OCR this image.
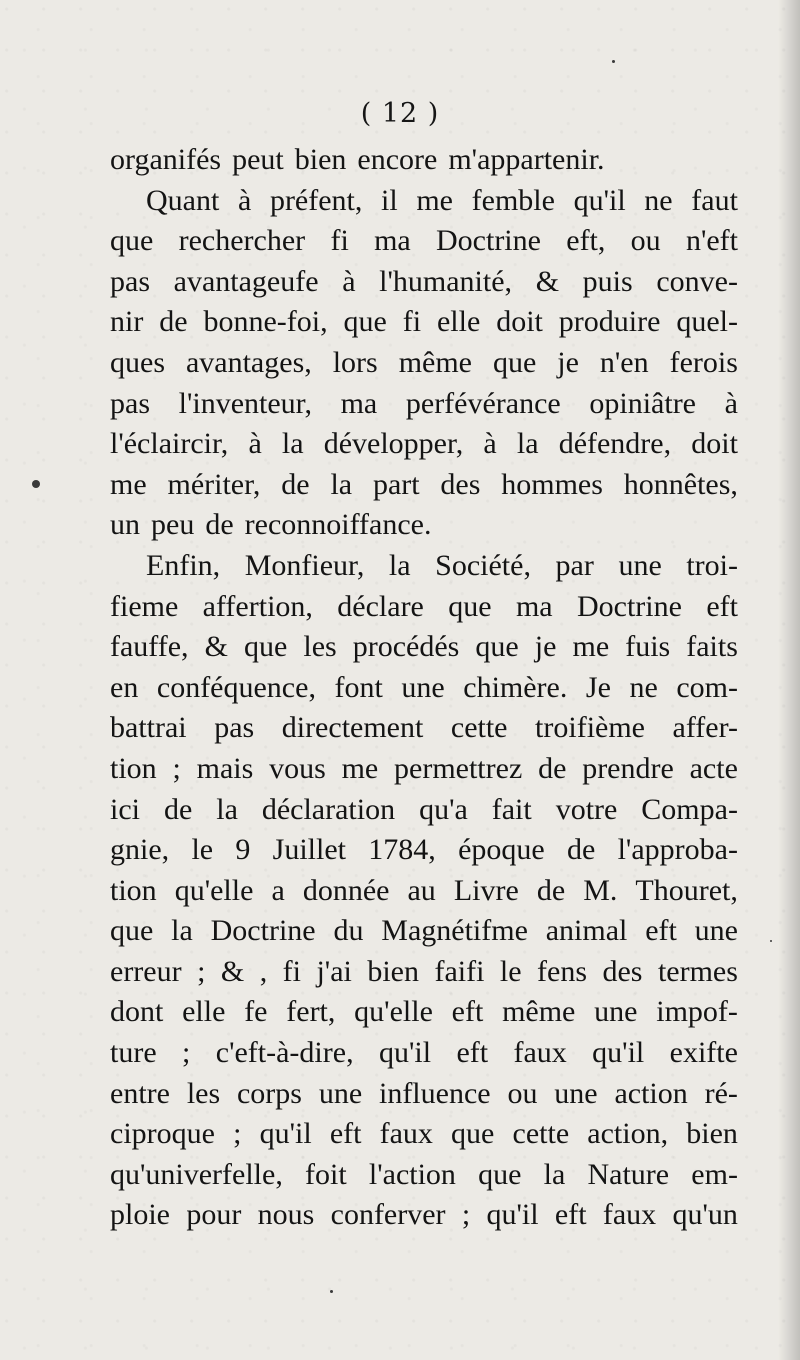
( 12 )
organifés peut bien encore m'appartenir.
Quant à préfent, il me femble qu'il ne faut
que rechercher fi ma Doctrine eft, ou n'eft
pas avantageufe à l'humanité, & puis conve-
nir de bonne-foi, que fi elle doit produire quel-
ques avantages, lors même que je n'en ferois
pas l'inventeur, ma perfévérance opiniâtre à
l'éclaircir, à la développer, à la défendre, doit
me mériter, de la part des hommes honnêtes,
un peu de reconnoiffance.
Enfin, Monfieur, la Société, par une troi-
fieme affertion, déclare que ma Doctrine eft
fauffe, & que les procédés que je me fuis faits
en conféquence, font une chimère. Je ne com-
battrai pas directement cette troifième affer-
tion ; mais vous me permettrez de prendre acte
ici de la déclaration qu'a fait votre Compa-
gnie, le 9 Juillet 1784, époque de l'approba-
tion qu'elle a donnée au Livre de M. Thouret,
que la Doctrine du Magnétifme animal eft une
erreur ; & , fi j'ai bien faifi le fens des termes
dont elle fe fert, qu'elle eft même une impof-
ture ; c'eft-à-dire, qu'il eft faux qu'il exifte
entre les corps une influence ou une action ré-
ciproque ; qu'il eft faux que cette action, bien
qu'univerfelle, foit l'action que la Nature em-
ploie pour nous conferver ; qu'il eft faux qu'un
